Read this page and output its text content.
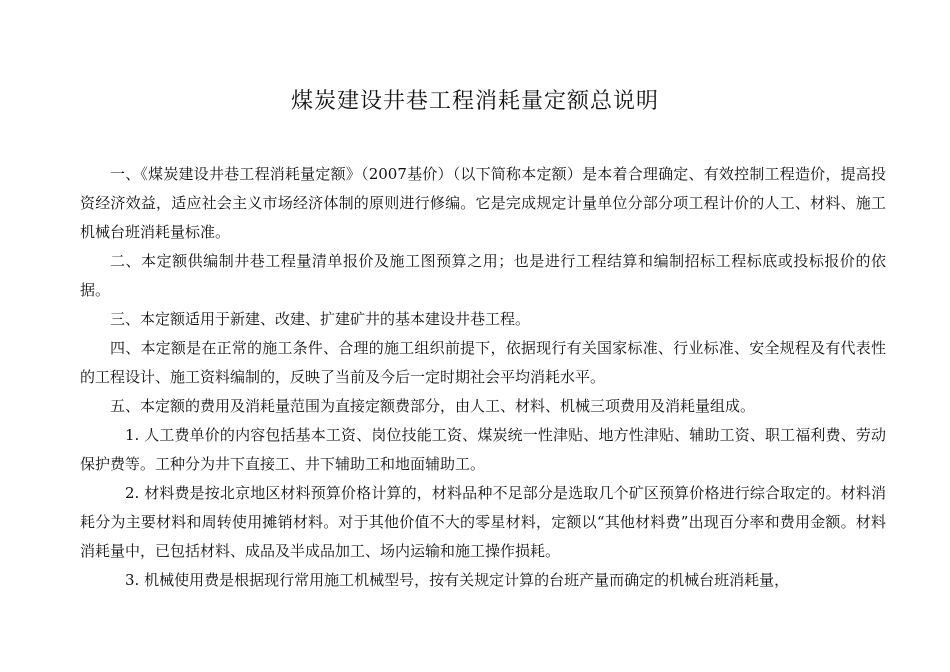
煤炭建设井巷工程消耗量定额总说明

一、《煤炭建设井巷工程消耗量定额》（2007基价）（以下简称本定额）是本着合理确定、有效控制工程造价，提高投资经济效益，适应社会主义市场经济体制的原则进行修编。它是完成规定计量单位分部分项工程计价的人工、材料、施工机械台班消耗量标准。

二、本定额供编制井巷工程量清单报价及施工图预算之用；也是进行工程结算和编制招标工程标底或投标报价的依据。

三、本定额适用于新建、改建、扩建矿井的基本建设井巷工程。

四、本定额是在正常的施工条件、合理的施工组织前提下，依据现行有关国家标准、行业标准、安全规程及有代表性的工程设计、施工资料编制的，反映了当前及今后一定时期社会平均消耗水平。

五、本定额的费用及消耗量范围为直接定额费部分，由人工、材料、机械三项费用及消耗量组成。

1. 人工费单价的内容包括基本工资、岗位技能工资、煤炭统一性津贴、地方性津贴、辅助工资、职工福利费、劳动保护费等。工种分为井下直接工、井下辅助工和地面辅助工。

2. 材料费是按北京地区材料预算价格计算的，材料品种不足部分是选取几个矿区预算价格进行综合取定的。材料消耗分为主要材料和周转使用摊销材料。对于其他价值不大的零星材料，定额以“其他材料费”出现百分率和费用金额。材料消耗量中，已包括材料、成品及半成品加工、场内运输和施工操作损耗。

3. 机械使用费是根据现行常用施工机械型号，按有关规定计算的台班产量而确定的机械台班消耗量，
